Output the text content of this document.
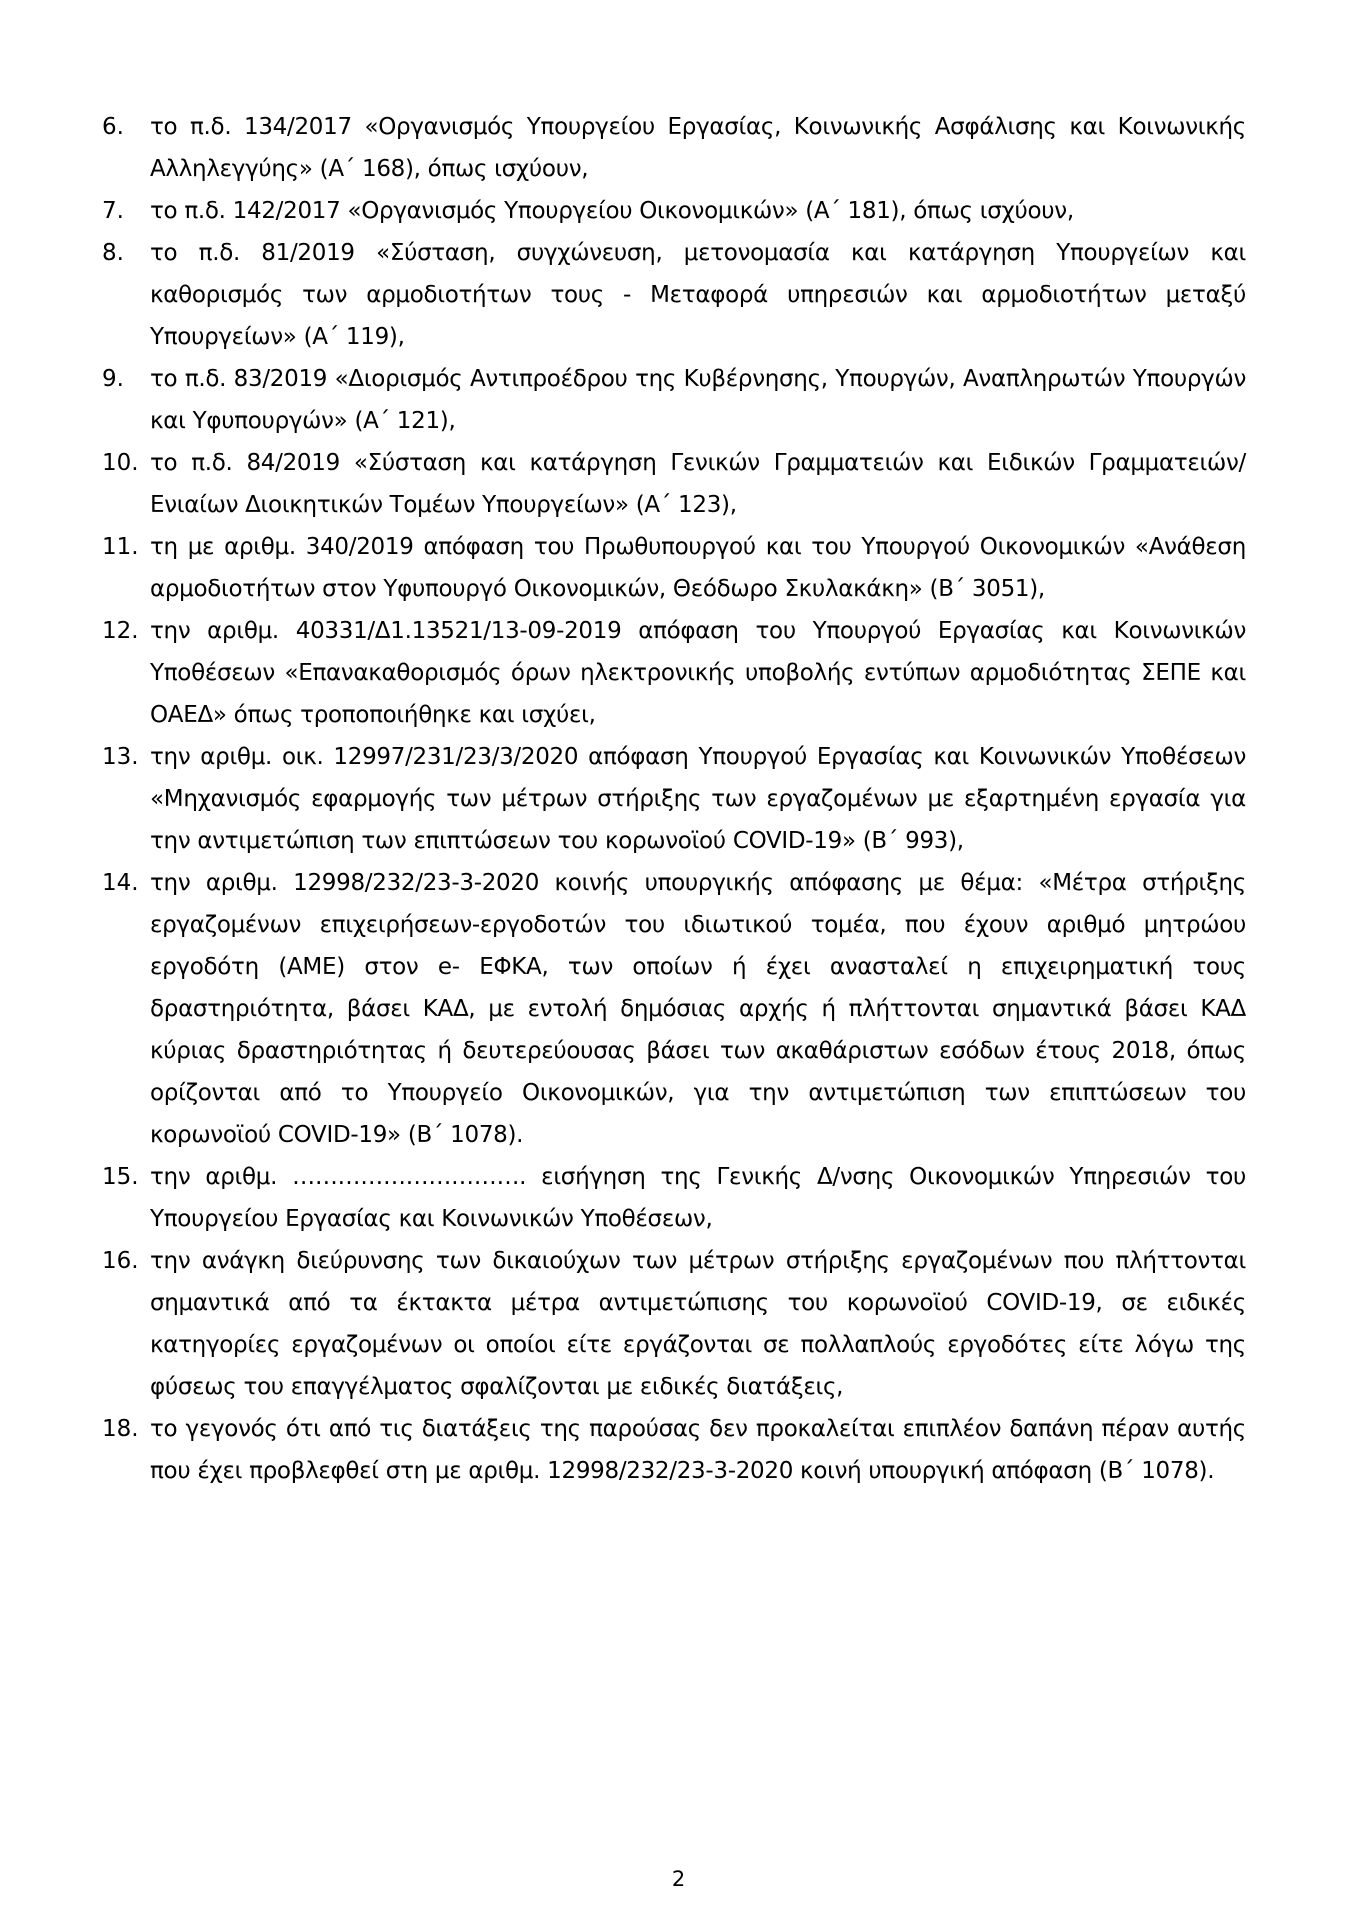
6.	το π.δ. 134/2017 «Οργανισμός Υπουργείου Εργασίας, Κοινωνικής Ασφάλισης και Κοινωνικής Αλληλεγγύης» (Α΄ 168), όπως ισχύουν,
7.	το π.δ. 142/2017 «Οργανισμός Υπουργείου Οικονομικών» (Α΄ 181), όπως ισχύουν,
8.	το π.δ. 81/2019 «Σύσταση, συγχώνευση, μετονομασία και κατάργηση Υπουργείων και καθορισμός των αρμοδιοτήτων τους - Μεταφορά υπηρεσιών και αρμοδιοτήτων μεταξύ Υπουργείων» (Α΄ 119),
9.	το π.δ. 83/2019 «Διορισμός Αντιπροέδρου της Κυβέρνησης, Υπουργών, Αναπληρωτών Υπουργών και Υφυπουργών» (Α΄ 121),
10. το π.δ. 84/2019 «Σύσταση και κατάργηση Γενικών Γραμματειών και Ειδικών Γραμματειών/Ενιαίων Διοικητικών Τομέων Υπουργείων» (Α΄ 123),
11. τη με αριθμ. 340/2019 απόφαση του Πρωθυπουργού και του Υπουργού Οικονομικών «Ανάθεση αρμοδιοτήτων στον Υφυπουργό Οικονομικών, Θεόδωρο Σκυλακάκη» (Β΄ 3051),
12. την αριθμ. 40331/Δ1.13521/13-09-2019 απόφαση του Υπουργού Εργασίας και Κοινωνικών Υποθέσεων «Επανακαθορισμός όρων ηλεκτρονικής υποβολής εντύπων αρμοδιότητας ΣΕΠΕ και ΟΑΕΔ» όπως τροποποιήθηκε και ισχύει,
13. την αριθμ. οικ. 12997/231/23/3/2020 απόφαση Υπουργού Εργασίας και Κοινωνικών Υποθέσεων «Μηχανισμός εφαρμογής των μέτρων στήριξης των εργαζομένων με εξαρτημένη εργασία για την αντιμετώπιση των επιπτώσεων του κορωνοϊού COVID-19» (Β΄ 993),
14. την αριθμ. 12998/232/23-3-2020 κοινής υπουργικής απόφασης με θέμα: «Μέτρα στήριξης εργαζομένων επιχειρήσεων-εργοδοτών του ιδιωτικού τομέα, που έχουν αριθμό μητρώου εργοδότη (ΑΜΕ) στον e- ΕΦΚΑ, των οποίων ή έχει ανασταλεί η επιχειρηματική τους δραστηριότητα, βάσει ΚΑΔ, με εντολή δημόσιας αρχής ή πλήττονται σημαντικά βάσει ΚΑΔ κύριας δραστηριότητας ή δευτερεύουσας βάσει των ακαθάριστων εσόδων έτους 2018, όπως ορίζονται από το Υπουργείο Οικονομικών, για την αντιμετώπιση των επιπτώσεων του κορωνοϊού COVID-19» (Β΄ 1078).
15. την αριθμ. …………………………. εισήγηση της Γενικής Δ/νσης Οικονομικών Υπηρεσιών του Υπουργείου Εργασίας και Κοινωνικών Υποθέσεων,
16. την ανάγκη διεύρυνσης των δικαιούχων των μέτρων στήριξης εργαζομένων που πλήττονται σημαντικά από τα έκτακτα μέτρα αντιμετώπισης του κορωνοϊού COVID-19, σε ειδικές κατηγορίες εργαζομένων οι οποίοι είτε εργάζονται σε πολλαπλούς εργοδότες είτε λόγω της φύσεως του επαγγέλματος σφαλίζονται με ειδικές διατάξεις,
18. το γεγονός ότι από τις διατάξεις της παρούσας δεν προκαλείται επιπλέον δαπάνη πέραν αυτής που έχει προβλεφθεί στη με αριθμ. 12998/232/23-3-2020 κοινή υπουργική απόφαση (Β΄ 1078).
2
